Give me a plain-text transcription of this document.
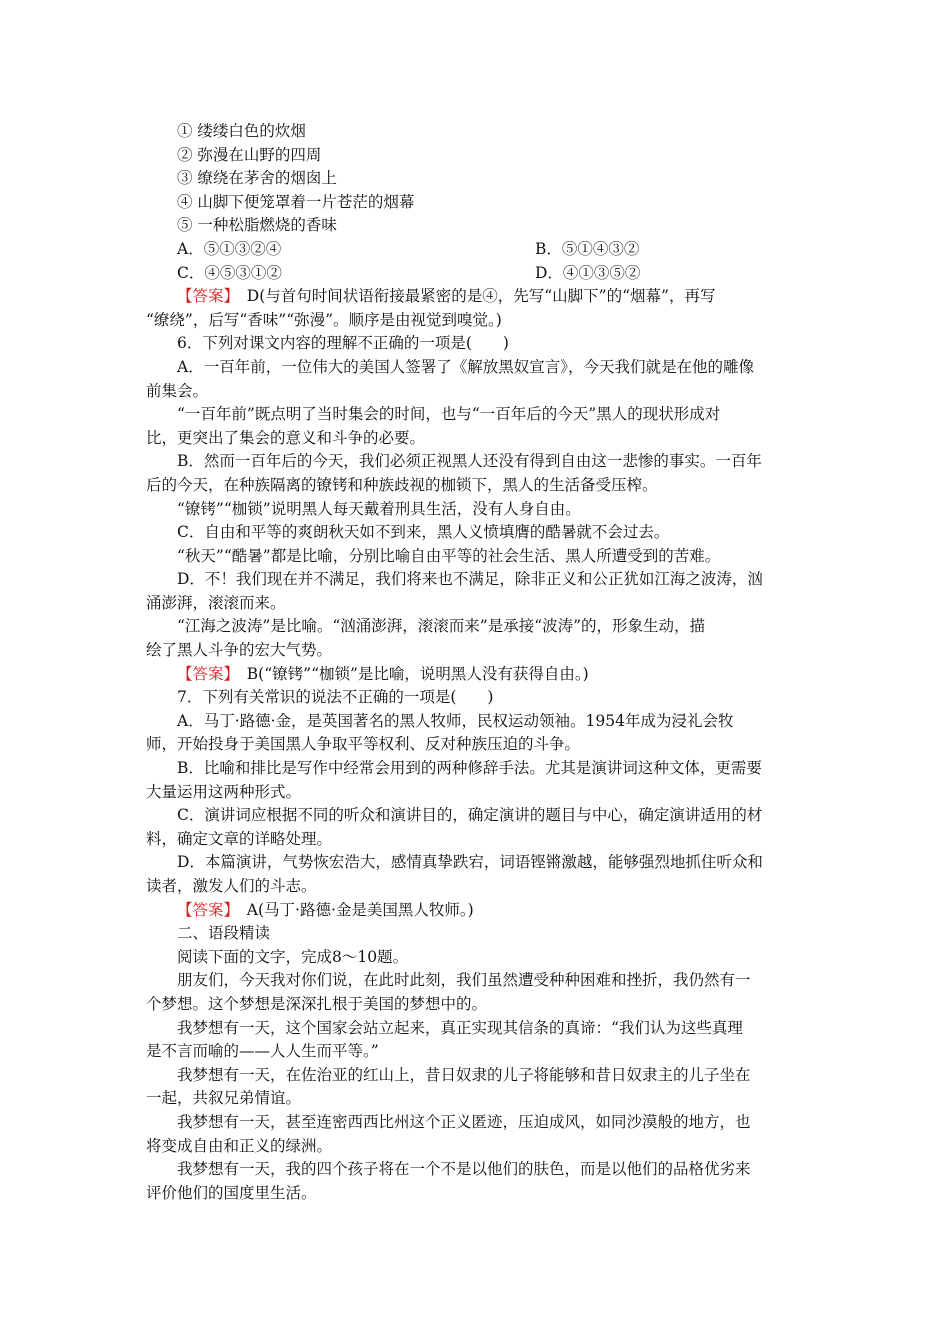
① 缕缕白色的炊烟
② 弥漫在山野的四周
③ 缭绕在茅舍的烟囱上
④ 山脚下便笼罩着一片苍茫的烟幕
⑤ 一种松脂燃烧的香味
A．⑤①③②④	B．⑤①④③②
C．④⑤③①②	D．④①③⑤②
【答案】　 D(与首句时间状语衔接最紧密的是④，先写“山脚下”的“烟幕”，再写
“缭绕”，后写“香味”“弥漫”。顺序是由视觉到嗅觉。)
6．下列对课文内容的理解不正确的一项是(　　)
A．一百年前，一位伟大的美国人签署了《解放黑奴宣言》，今天我们就是在他的雕像
前集会。
“一百年前”既点明了当时集会的时间，也与“一百年后的今天”黑人的现状形成对
比，更突出了集会的意义和斗争的必要。
B．然而一百年后的今天，我们必须正视黑人还没有得到自由这一悲惨的事实。一百年
后的今天，在种族隔离的镣铐和种族歧视的枷锁下，黑人的生活备受压榨。
“镣铐”“枷锁”说明黑人每天戴着刑具生活，没有人身自由。
C．自由和平等的爽朗秋天如不到来，黑人义愤填膺的酷暑就不会过去。
“秋天”“酷暑”都是比喻，分别比喻自由平等的社会生活、黑人所遭受到的苦难。
D．不！我们现在并不满足，我们将来也不满足，除非正义和公正犹如江海之波涛，汹
涌澎湃，滚滚而来。
“江海之波涛”是比喻。“汹涌澎湃，滚滚而来”是承接“波涛”的，形象生动，描
绘了黑人斗争的宏大气势。
【答案】　 B(“镣铐”“枷锁”是比喻，说明黑人没有获得自由。)
7．下列有关常识的说法不正确的一项是(　　)
A．马丁·路德·金，是英国著名的黑人牧师，民权运动领袖。1954年成为浸礼会牧
师，开始投身于美国黑人争取平等权利、反对种族压迫的斗争。
B．比喻和排比是写作中经常会用到的两种修辞手法。尤其是演讲词这种文体，更需要
大量运用这两种形式。
C．演讲词应根据不同的听众和演讲目的，确定演讲的题目与中心，确定演讲适用的材
料，确定文章的详略处理。
D．本篇演讲，气势恢宏浩大，感情真挚跌宕，词语铿锵激越，能够强烈地抓住听众和
读者，激发人们的斗志。
【答案】　 A(马丁·路德·金是美国黑人牧师。)
二、语段精读
阅读下面的文字，完成8～10题。
朋友们，今天我对你们说，在此时此刻，我们虽然遭受种种困难和挫折，我仍然有一
个梦想。这个梦想是深深扎根于美国的梦想中的。
我梦想有一天，这个国家会站立起来，真正实现其信条的真谛：“我们认为这些真理
是不言而喻的——人人生而平等。”
我梦想有一天，在佐治亚的红山上，昔日奴隶的儿子将能够和昔日奴隶主的儿子坐在
一起，共叙兄弟情谊。
我梦想有一天，甚至连密西西比州这个正义匿迹，压迫成风，如同沙漠般的地方，也
将变成自由和正义的绿洲。
我梦想有一天，我的四个孩子将在一个不是以他们的肤色，而是以他们的品格优劣来
评价他们的国度里生活。
